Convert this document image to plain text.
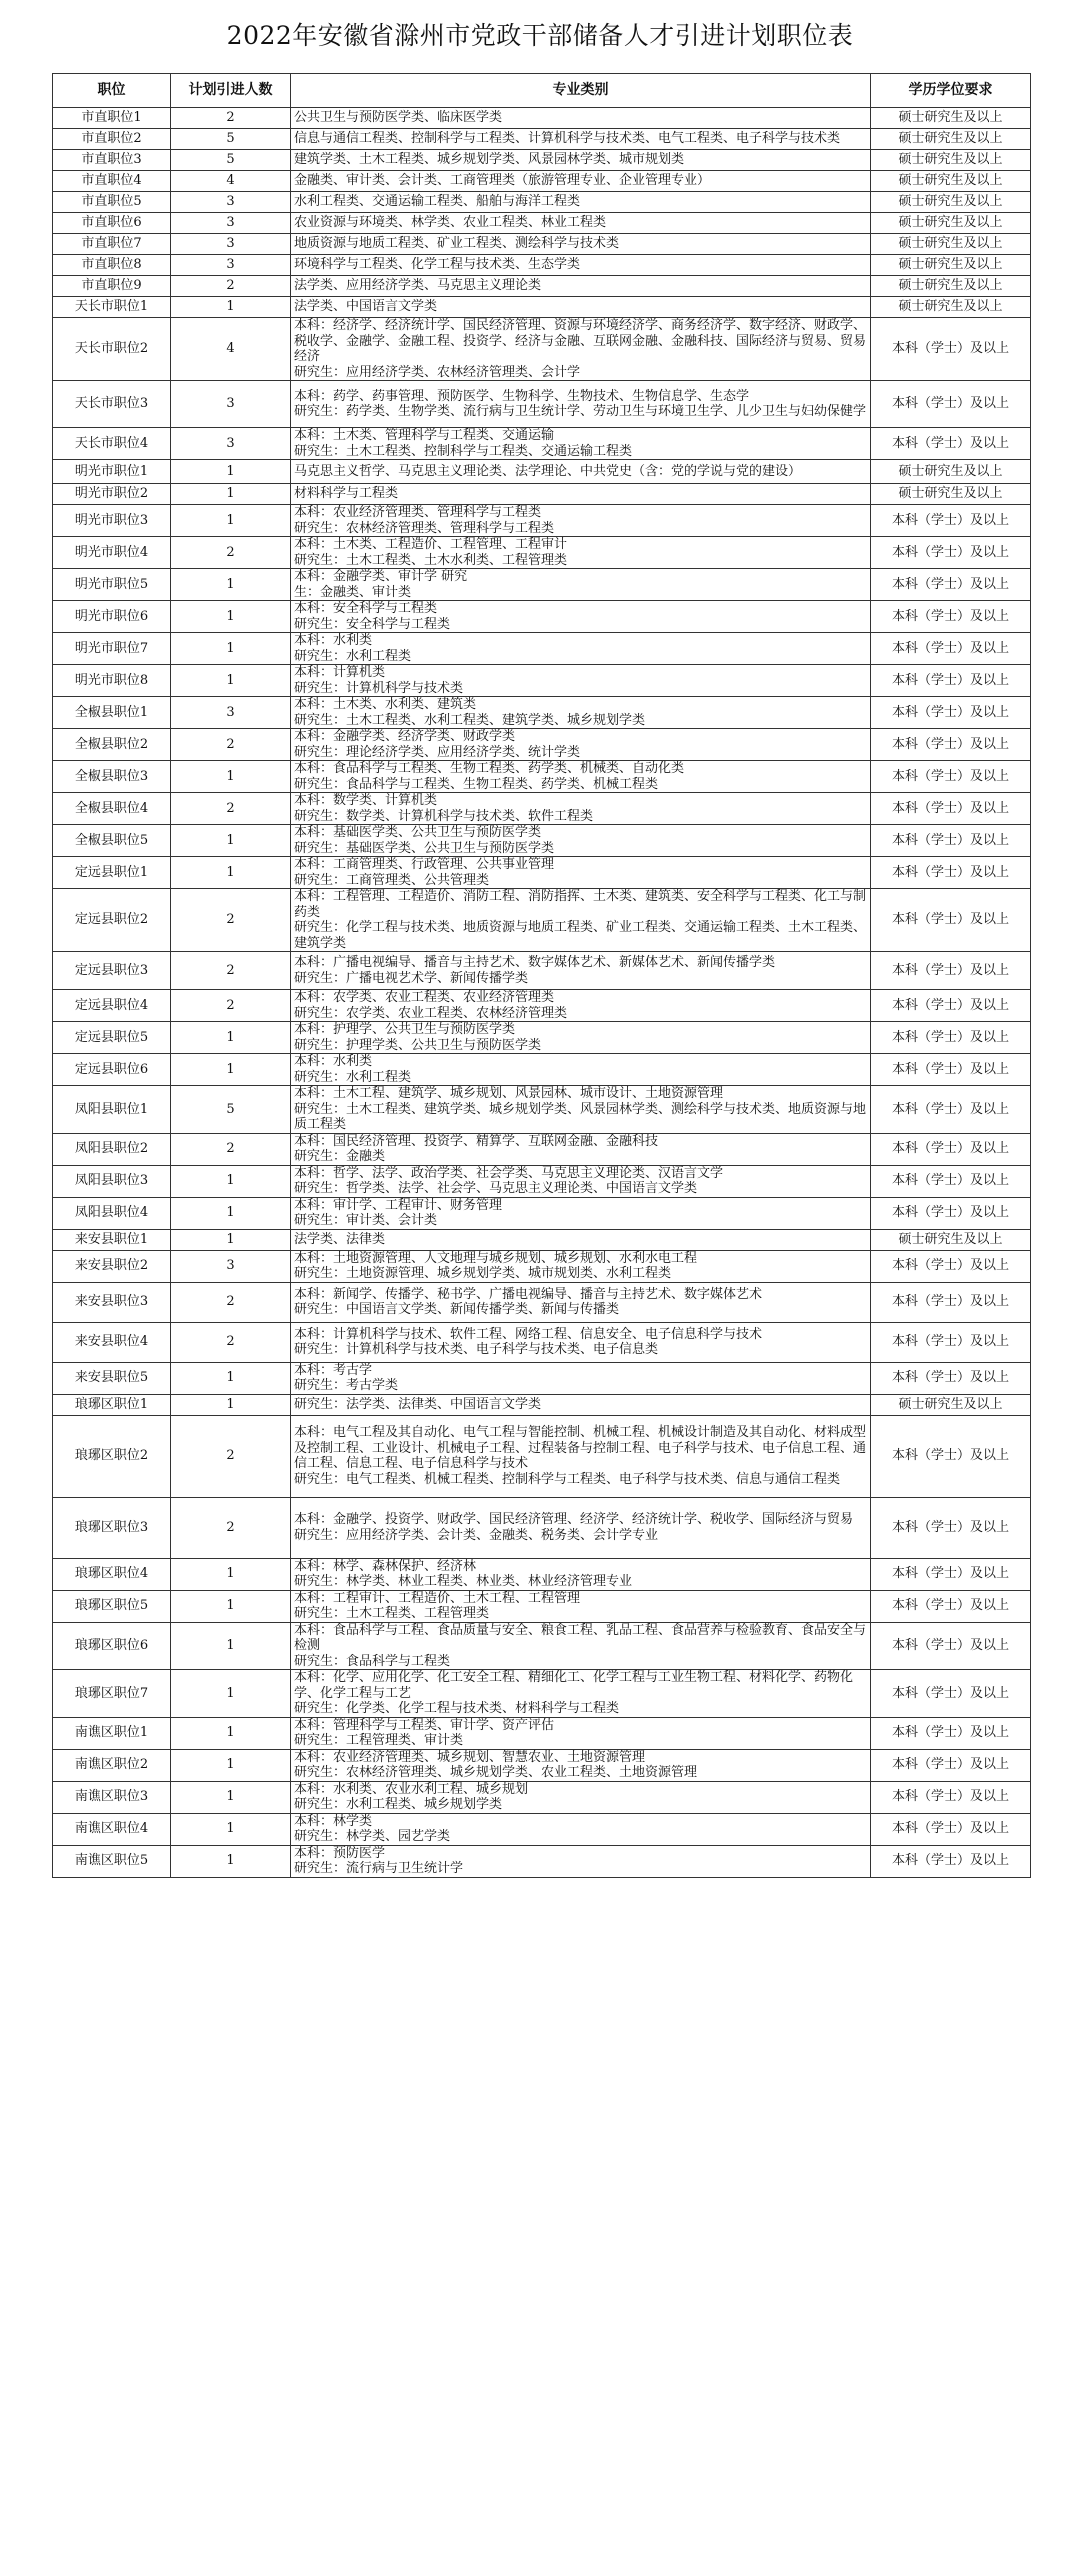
2022年安徽省滁州市党政干部储备人才引进计划职位表
职位	计划引进人数	专业类别	学历学位要求
市直职位1	2	公共卫生与预防医学类、临床医学类	硕士研究生及以上
市直职位2	5	信息与通信工程类、控制科学与工程类、计算机科学与技术类、电气工程类、电子科学与技术类	硕士研究生及以上
市直职位3	5	建筑学类、土木工程类、城乡规划学类、风景园林学类、城市规划类	硕士研究生及以上
市直职位4	4	金融类、审计类、会计类、工商管理类（旅游管理专业、企业管理专业）	硕士研究生及以上
市直职位5	3	水利工程类、交通运输工程类、船舶与海洋工程类	硕士研究生及以上
市直职位6	3	农业资源与环境类、林学类、农业工程类、林业工程类	硕士研究生及以上
市直职位7	3	地质资源与地质工程类、矿业工程类、测绘科学与技术类	硕士研究生及以上
市直职位8	3	环境科学与工程类、化学工程与技术类、生态学类	硕士研究生及以上
市直职位9	2	法学类、应用经济学类、马克思主义理论类	硕士研究生及以上
天长市职位1	1	法学类、中国语言文学类	硕士研究生及以上
天长市职位2	4	本科：经济学、经济统计学、国民经济管理、资源与环境经济学、商务经济学、数字经济、财政学、税收学、金融学、金融工程、投资学、经济与金融、互联网金融、金融科技、国际经济与贸易、贸易经济
研究生：应用经济学类、农林经济管理类、会计学	本科（学士）及以上
天长市职位3	3	本科：药学、药事管理、预防医学、生物科学、生物技术、生物信息学、生态学
研究生：药学类、生物学类、流行病与卫生统计学、劳动卫生与环境卫生学、儿少卫生与妇幼保健学	本科（学士）及以上
天长市职位4	3	本科：土木类、管理科学与工程类、交通运输
研究生：土木工程类、控制科学与工程类、交通运输工程类	本科（学士）及以上
明光市职位1	1	马克思主义哲学、马克思主义理论类、法学理论、中共党史（含：党的学说与党的建设）	硕士研究生及以上
明光市职位2	1	材料科学与工程类	硕士研究生及以上
明光市职位3	1	本科：农业经济管理类、管理科学与工程类
研究生：农林经济管理类、管理科学与工程类	本科（学士）及以上
明光市职位4	2	本科：土木类、工程造价、工程管理、工程审计
研究生：土木工程类、土木水利类、工程管理类	本科（学士）及以上
明光市职位5	1	本科：金融学类、审计学 研究
生：金融类、审计类	本科（学士）及以上
明光市职位6	1	本科：安全科学与工程类
研究生：安全科学与工程类	本科（学士）及以上
明光市职位7	1	本科：水利类
研究生：水利工程类	本科（学士）及以上
明光市职位8	1	本科：计算机类
研究生：计算机科学与技术类	本科（学士）及以上
全椒县职位1	3	本科：土木类、水利类、建筑类
研究生：土木工程类、水利工程类、建筑学类、城乡规划学类	本科（学士）及以上
全椒县职位2	2	本科：金融学类、经济学类、财政学类
研究生：理论经济学类、应用经济学类、统计学类	本科（学士）及以上
全椒县职位3	1	本科：食品科学与工程类、生物工程类、药学类、机械类、自动化类
研究生：食品科学与工程类、生物工程类、药学类、机械工程类	本科（学士）及以上
全椒县职位4	2	本科：数学类、计算机类
研究生：数学类、计算机科学与技术类、软件工程类	本科（学士）及以上
全椒县职位5	1	本科：基础医学类、公共卫生与预防医学类
研究生：基础医学类、公共卫生与预防医学类	本科（学士）及以上
定远县职位1	1	本科：工商管理类、行政管理、公共事业管理
研究生：工商管理类、公共管理类	本科（学士）及以上
定远县职位2	2	本科：工程管理、工程造价、消防工程、消防指挥、土木类、建筑类、安全科学与工程类、化工与制药类
研究生：化学工程与技术类、地质资源与地质工程类、矿业工程类、交通运输工程类、土木工程类、建筑学类	本科（学士）及以上
定远县职位3	2	本科：广播电视编导、播音与主持艺术、数字媒体艺术、新媒体艺术、新闻传播学类
研究生：广播电视艺术学、新闻传播学类	本科（学士）及以上
定远县职位4	2	本科：农学类、农业工程类、农业经济管理类
研究生：农学类、农业工程类、农林经济管理类	本科（学士）及以上
定远县职位5	1	本科：护理学、公共卫生与预防医学类
研究生：护理学类、公共卫生与预防医学类	本科（学士）及以上
定远县职位6	1	本科：水利类
研究生：水利工程类	本科（学士）及以上
凤阳县职位1	5	本科：土木工程、建筑学、城乡规划、风景园林、城市设计、土地资源管理
研究生：土木工程类、建筑学类、城乡规划学类、风景园林学类、测绘科学与技术类、地质资源与地质工程类	本科（学士）及以上
凤阳县职位2	2	本科：国民经济管理、投资学、精算学、互联网金融、金融科技
研究生：金融类	本科（学士）及以上
凤阳县职位3	1	本科：哲学、法学、政治学类、社会学类、马克思主义理论类、汉语言文学
研究生：哲学类、法学、社会学、马克思主义理论类、中国语言文学类	本科（学士）及以上
凤阳县职位4	1	本科：审计学、工程审计、财务管理
研究生：审计类、会计类	本科（学士）及以上
来安县职位1	1	法学类、法律类	硕士研究生及以上
来安县职位2	3	本科：土地资源管理、人文地理与城乡规划、城乡规划、水利水电工程
研究生：土地资源管理、城乡规划学类、城市规划类、水利工程类	本科（学士）及以上
来安县职位3	2	本科：新闻学、传播学、秘书学、广播电视编导、播音与主持艺术、数字媒体艺术
研究生：中国语言文学类、新闻传播学类、新闻与传播类	本科（学士）及以上
来安县职位4	2	本科：计算机科学与技术、软件工程、网络工程、信息安全、电子信息科学与技术
研究生：计算机科学与技术类、电子科学与技术类、电子信息类	本科（学士）及以上
来安县职位5	1	本科：考古学
研究生：考古学类	本科（学士）及以上
琅琊区职位1	1	研究生：法学类、法律类、中国语言文学类	硕士研究生及以上
琅琊区职位2	2	本科：电气工程及其自动化、电气工程与智能控制、机械工程、机械设计制造及其自动化、材料成型及控制工程、工业设计、机械电子工程、过程装备与控制工程、电子科学与技术、电子信息工程、通信工程、信息工程、电子信息科学与技术
研究生：电气工程类、机械工程类、控制科学与工程类、电子科学与技术类、信息与通信工程类	本科（学士）及以上
琅琊区职位3	2	本科：金融学、投资学、财政学、国民经济管理、经济学、经济统计学、税收学、国际经济与贸易
研究生：应用经济学类、会计类、金融类、税务类、会计学专业	本科（学士）及以上
琅琊区职位4	1	本科：林学、森林保护、经济林
研究生：林学类、林业工程类、林业类、林业经济管理专业	本科（学士）及以上
琅琊区职位5	1	本科：工程审计、工程造价、土木工程、工程管理
研究生：土木工程类、工程管理类	本科（学士）及以上
琅琊区职位6	1	本科：食品科学与工程、食品质量与安全、粮食工程、乳品工程、食品营养与检验教育、食品安全与检测
研究生：食品科学与工程类	本科（学士）及以上
琅琊区职位7	1	本科：化学、应用化学、化工安全工程、精细化工、化学工程与工业生物工程、材料化学、药物化学、化学工程与工艺
研究生：化学类、化学工程与技术类、材料科学与工程类	本科（学士）及以上
南谯区职位1	1	本科：管理科学与工程类、审计学、资产评估
研究生：工程管理类、审计类	本科（学士）及以上
南谯区职位2	1	本科：农业经济管理类、城乡规划、智慧农业、土地资源管理
研究生：农林经济管理类、城乡规划学类、农业工程类、土地资源管理	本科（学士）及以上
南谯区职位3	1	本科：水利类、农业水利工程、城乡规划
研究生：水利工程类、城乡规划学类	本科（学士）及以上
南谯区职位4	1	本科：林学类
研究生：林学类、园艺学类	本科（学士）及以上
南谯区职位5	1	本科：预防医学
研究生：流行病与卫生统计学	本科（学士）及以上
